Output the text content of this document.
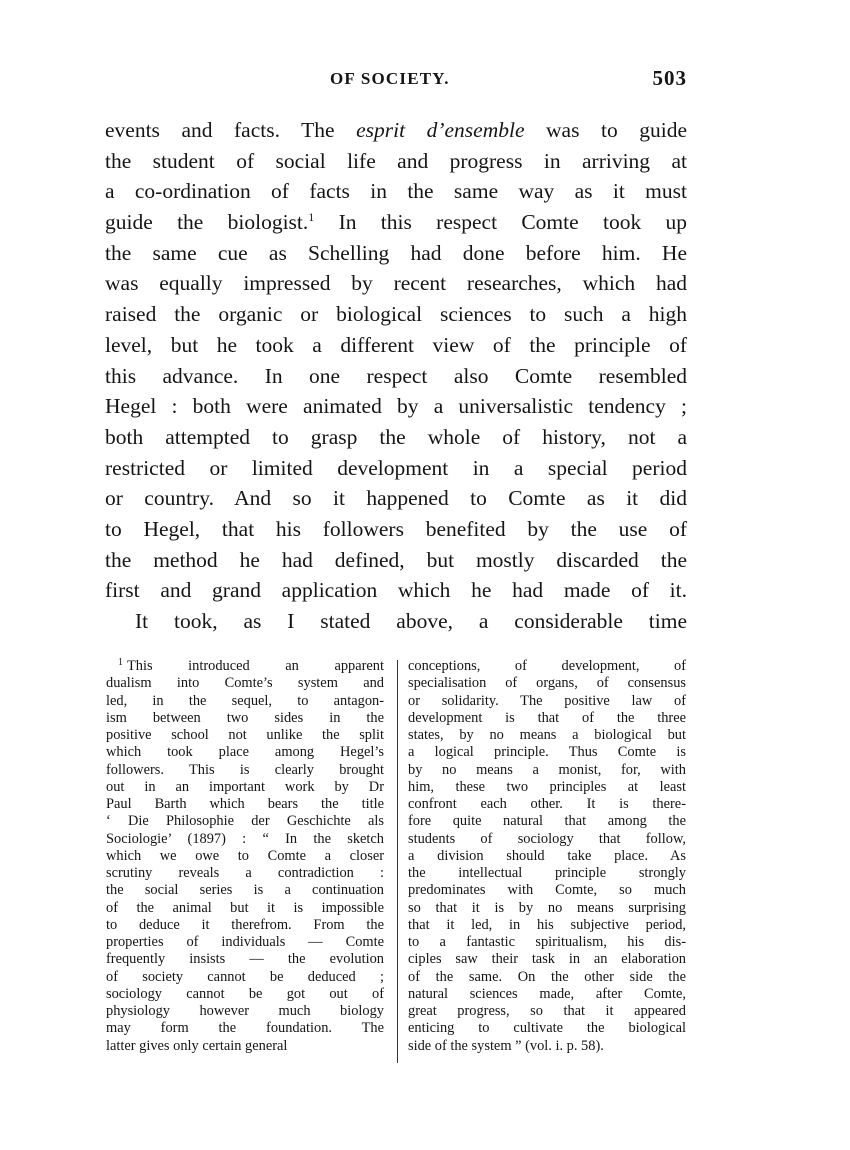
OF SOCIETY.	503
events and facts. The esprit d’ensemble was to guide
the student of social life and progress in arriving at
a co-ordination of facts in the same way as it must
guide the biologist.$^1$ In this respect Comte took up
the same cue as Schelling had done before him. He
was equally impressed by recent researches, which had
raised the organic or biological sciences to such a high
level, but he took a different view of the principle of
this advance. In one respect also Comte resembled
Hegel : both were animated by a universalistic tendency ;
both attempted to grasp the whole of history, not a
restricted or limited development in a special period
or country. And so it happened to Comte as it did
to Hegel, that his followers benefited by the use of
the method he had defined, but mostly discarded the
first and grand application which he had made of it.
It took, as I stated above, a considerable time
$^1$ This introduced an apparent
dualism into Comte’s system and
led, in the sequel, to antagon-
ism between two sides in the
positive school not unlike the split
which took place among Hegel’s
followers. This is clearly brought
out in an important work by Dr
Paul Barth which bears the title
‘ Die Philosophie der Geschichte als
Sociologie’ (1897) : “ In the sketch
which we owe to Comte a closer
scrutiny reveals a contradiction :
the social series is a continuation
of the animal but it is impossible
to deduce it therefrom. From the
properties of individuals — Comte
frequently insists — the evolution
of society cannot be deduced ;
sociology cannot be got out of
physiology however much biology
may form the foundation. The
latter gives only certain general
conceptions, of development, of
specialisation of organs, of consensus
or solidarity. The positive law of
development is that of the three
states, by no means a biological but
a logical principle. Thus Comte is
by no means a monist, for, with
him, these two principles at least
confront each other. It is there-
fore quite natural that among the
students of sociology that follow,
a division should take place. As
the intellectual principle strongly
predominates with Comte, so much
so that it is by no means surprising
that it led, in his subjective period,
to a fantastic spiritualism, his dis-
ciples saw their task in an elaboration
of the same. On the other side the
natural sciences made, after Comte,
great progress, so that it appeared
enticing to cultivate the biological
side of the system ” (vol. i. p. 58).
